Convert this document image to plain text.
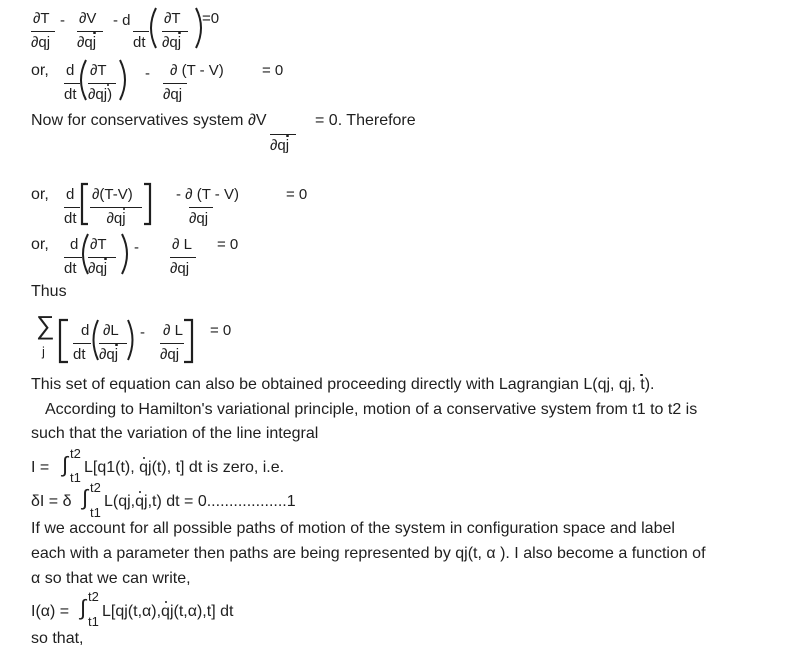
∂T
∂qj
- ∂V
∂qj
- d
dt
∂T
∂qj
=0
or, d
dt
∂T
∂qj)
- ∂ (T - V)
∂qj
= 0
Now for conservatives system ∂V	= 0. Therefore
∂qj
or, d
dt
∂(T-V)
∂qj
- ∂ (T - V)
∂qj
= 0
or, d
dt
∂T
∂qj
- ∂ L
∂qj
= 0
Thus
∑
j
d
dt
∂L
∂qj
- ∂ L
∂qj
= 0
This set of equation can also be obtained proceeding directly with Lagrangian L(qj, qj, t).
According to Hamilton's variational principle, motion of a conservative system from t1 to t2 is
such that the variation of the line integral
I = ∫ t2
t1
L[q1(t), qj(t), t] dt is zero, i.e.
δI = δ ∫ t2
t1
L(qj,qj,t) dt = 0..................1
If we account for all possible paths of motion of the system in configuration space and label
each with a parameter then paths are being represented by qj(t, α ). I also become a function of
α so that we can write,
I(α) = ∫ t2
t1
L[qj(t,α),qj(t,α),t] dt
so that,
